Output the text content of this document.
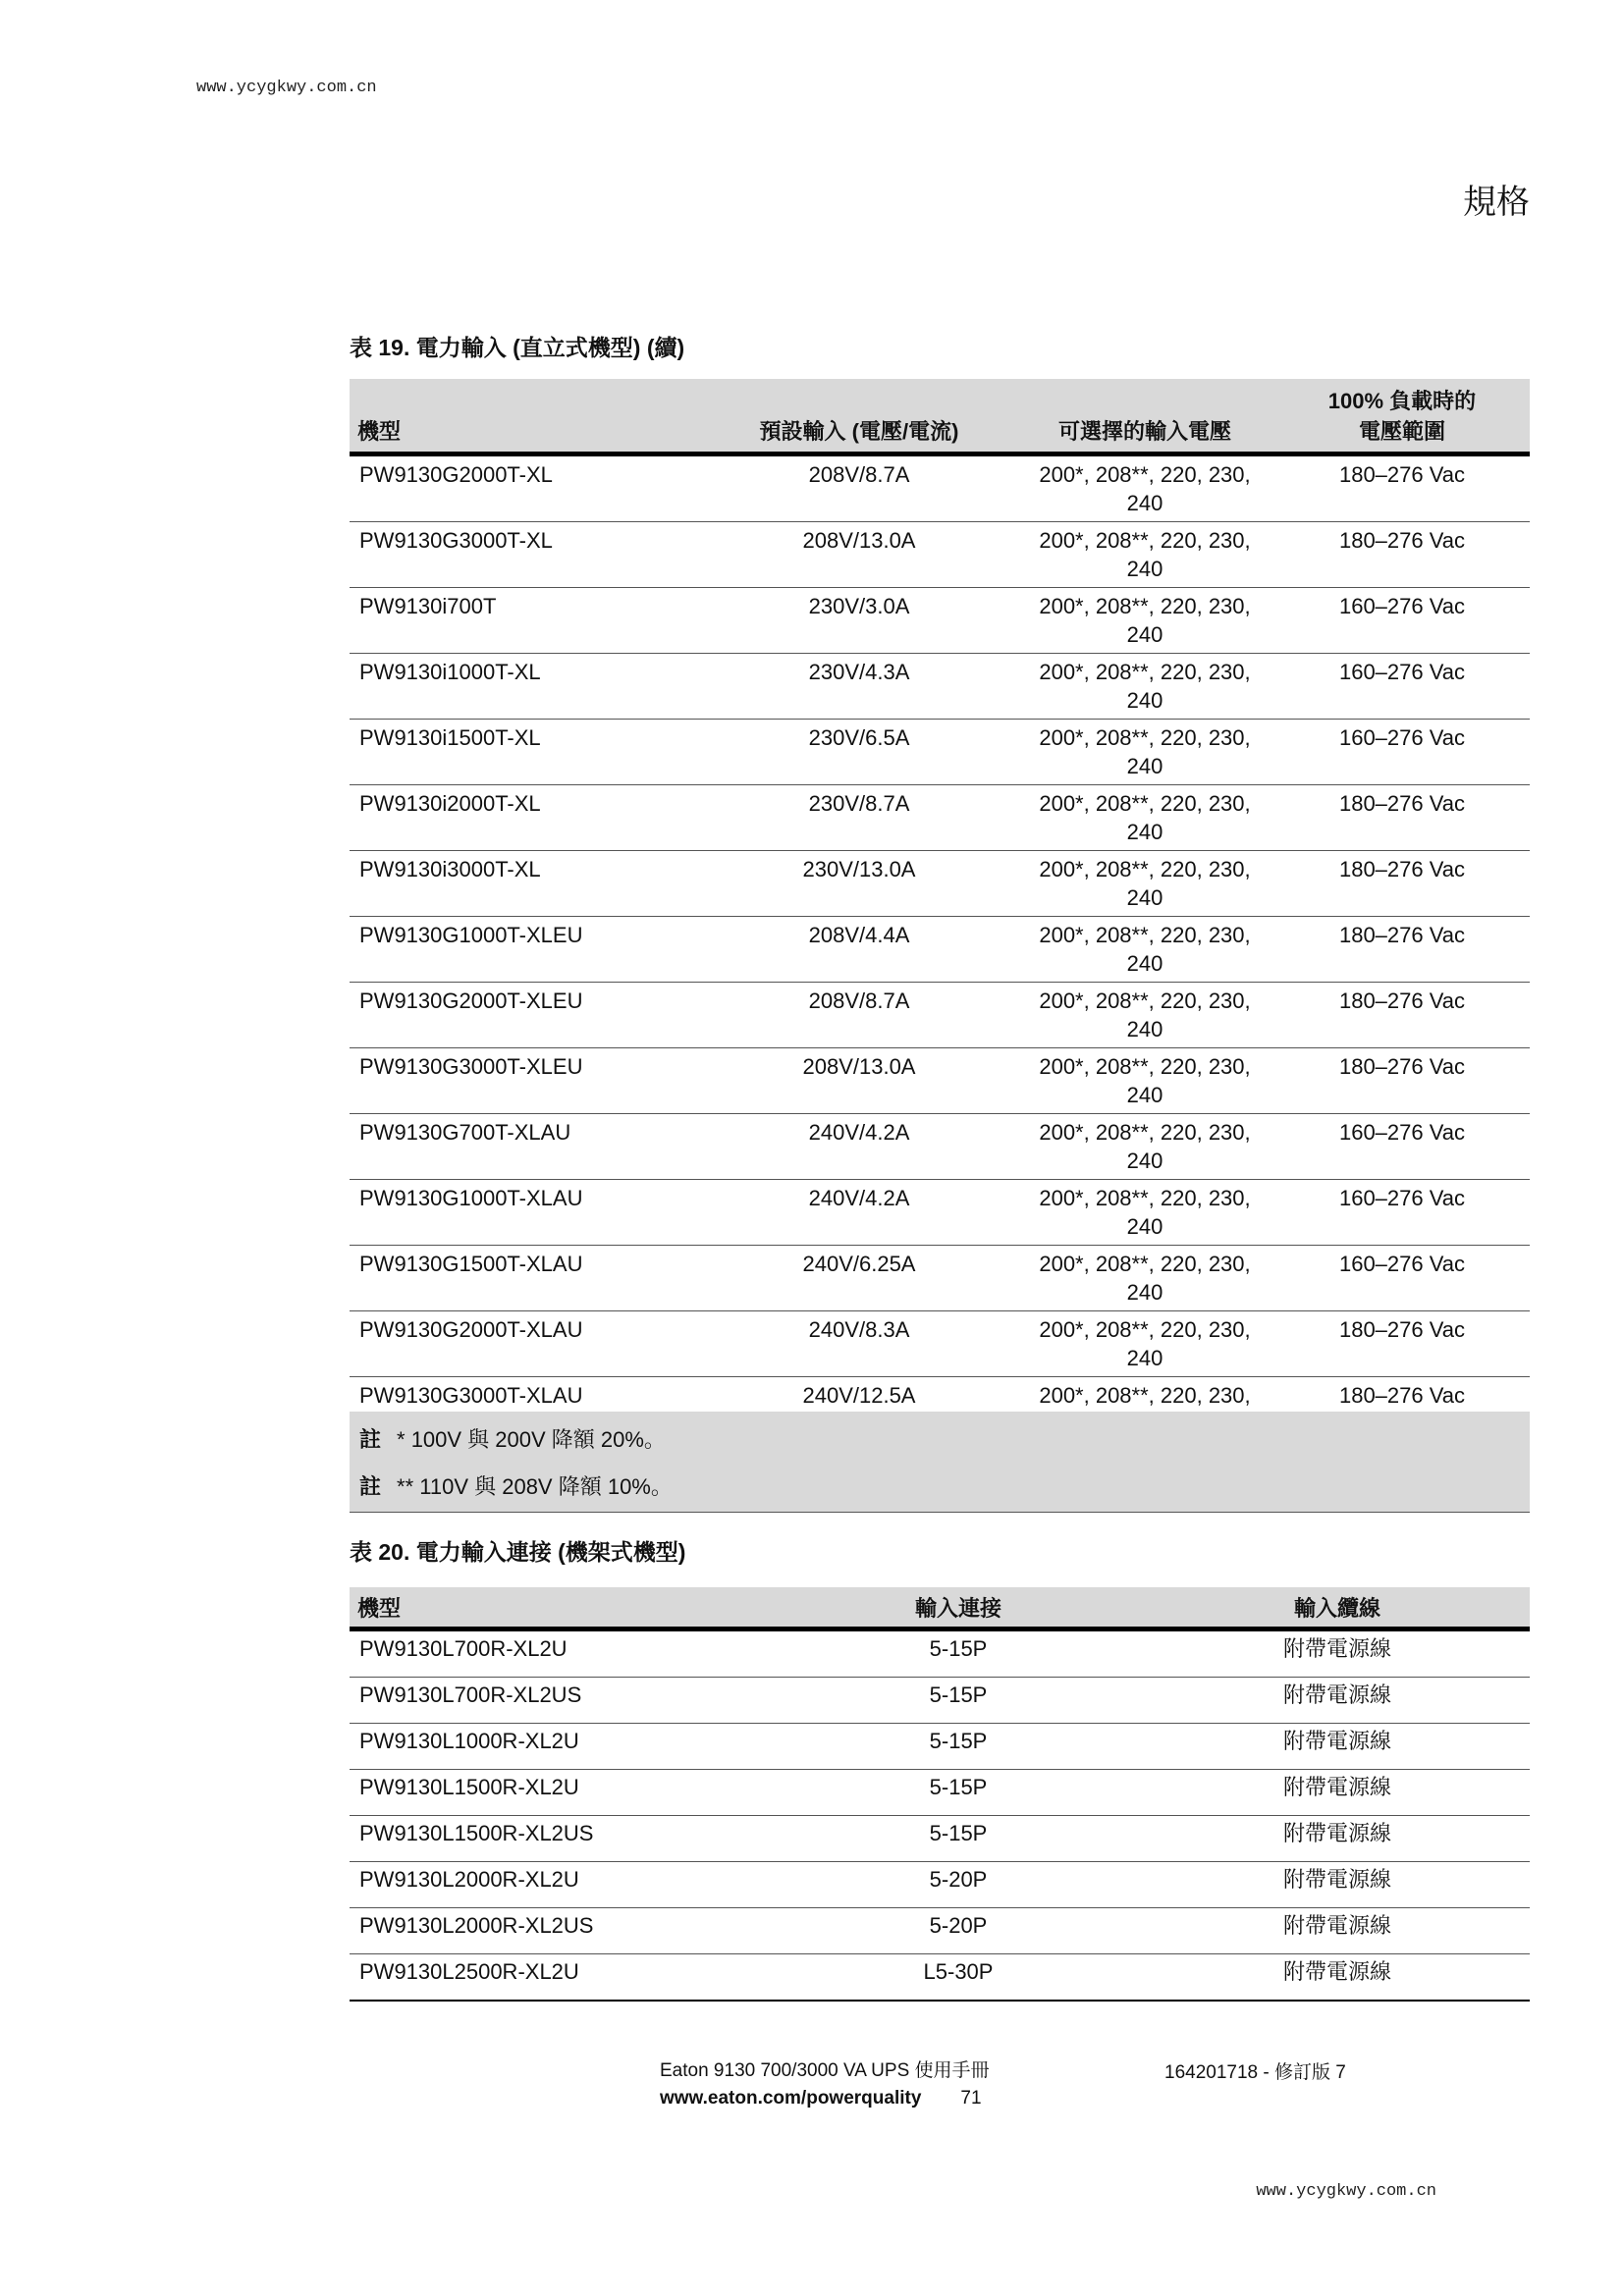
www.ycygkwy.com.cn
規格
表 19. 電力輸入 (直立式機型) (續)
機型	預設輸入 (電壓/電流)	可選擇的輸入電壓	100% 負載時的
電壓範圍

PW9130G2000T-XL	208V/8.7A	200*, 208**, 220, 230,
240	180–276 Vac
PW9130G3000T-XL	208V/13.0A	200*, 208**, 220, 230,
240	180–276 Vac
PW9130i700T	230V/3.0A	200*, 208**, 220, 230,
240	160–276 Vac
PW9130i1000T-XL	230V/4.3A	200*, 208**, 220, 230,
240	160–276 Vac
PW9130i1500T-XL	230V/6.5A	200*, 208**, 220, 230,
240	160–276 Vac
PW9130i2000T-XL	230V/8.7A	200*, 208**, 220, 230,
240	180–276 Vac
PW9130i3000T-XL	230V/13.0A	200*, 208**, 220, 230,
240	180–276 Vac
PW9130G1000T-XLEU	208V/4.4A	200*, 208**, 220, 230,
240	180–276 Vac
PW9130G2000T-XLEU	208V/8.7A	200*, 208**, 220, 230,
240	180–276 Vac
PW9130G3000T-XLEU	208V/13.0A	200*, 208**, 220, 230,
240	180–276 Vac
PW9130G700T-XLAU	240V/4.2A	200*, 208**, 220, 230,
240	160–276 Vac
PW9130G1000T-XLAU	240V/4.2A	200*, 208**, 220, 230,
240	160–276 Vac
PW9130G1500T-XLAU	240V/6.25A	200*, 208**, 220, 230,
240	160–276 Vac
PW9130G2000T-XLAU	240V/8.3A	200*, 208**, 220, 230,
240	180–276 Vac
PW9130G3000T-XLAU	240V/12.5A	200*, 208**, 220, 230,	180–276 Vac
註 * 100V 與 200V 降額 20%。
註 ** 110V 與 208V 降額 10%。
表 20. 電力輸入連接 (機架式機型)
機型	輸入連接	輸入纜線
PW9130L700R-XL2U	5-15P	附帶電源線
PW9130L700R-XL2US	5-15P	附帶電源線
PW9130L1000R-XL2U	5-15P	附帶電源線
PW9130L1500R-XL2U	5-15P	附帶電源線
PW9130L1500R-XL2US	5-15P	附帶電源線
PW9130L2000R-XL2U	5-20P	附帶電源線
PW9130L2000R-XL2US	5-20P	附帶電源線
PW9130L2500R-XL2U	L5-30P	附帶電源線
Eaton 9130 700/3000 VA UPS 使用手冊
www.eaton.com/powerquality 71
164201718 - 修訂版 7
www.ycygkwy.com.cn
